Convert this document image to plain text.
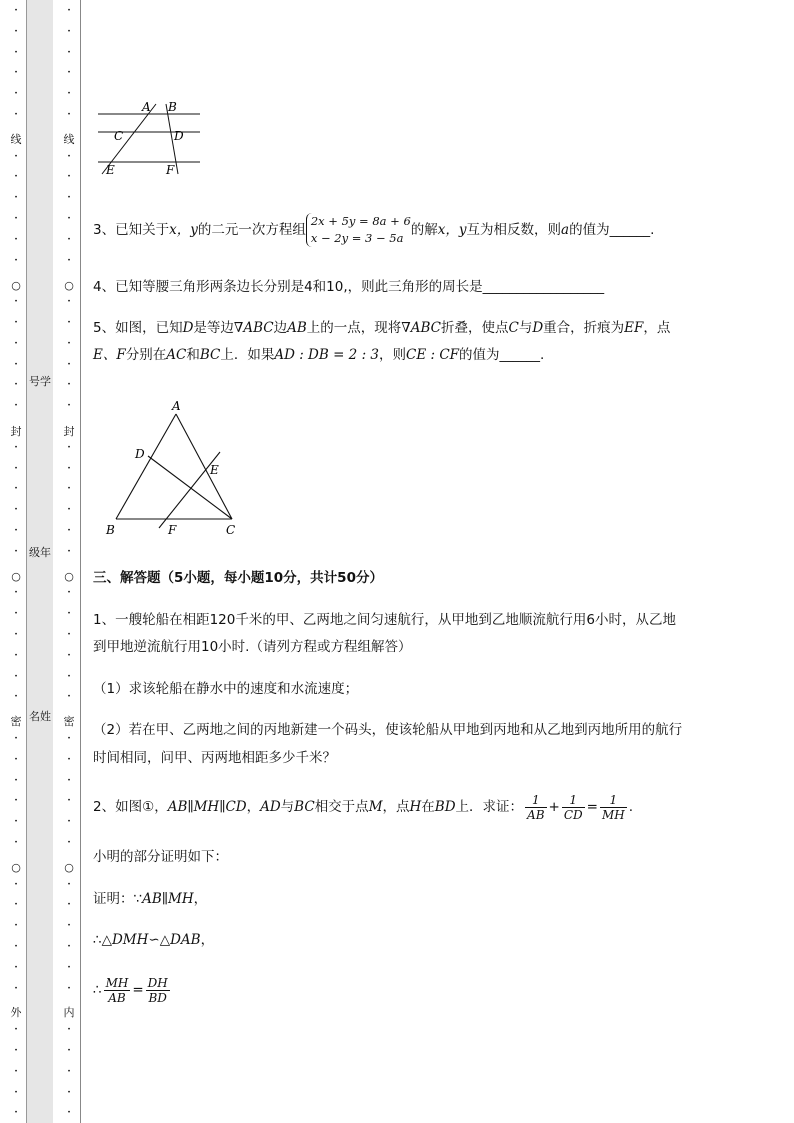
号学
级年
名姓
•
•
•
•
•
•
•
•
•
•
•
•
•
•
•
•
•
•
•
•
•
•
•
•
•
•
•
•
•
•
•
•
•
•
•
•
•
•
•
•
•
•
•
•
•
•
•
线
○
封
○
密
○
外
•
•
•
•
•
•
•
•
•
•
•
•
•
•
•
•
•
•
•
•
•
•
•
•
•
•
•
•
•
•
•
•
•
•
•
•
•
•
•
•
•
•
•
•
•
•
•
线
○
封
○
密
○
内
A B
C	D
E	F
3、已知关于x，y的二元一次方程组
2x + 5y = 8a + 6
x − 2y = 3 − 5a 的解x，y互为相反数，则a的值为______.
4、已知等腰三角形两条边长分别是4和10,，则此三角形的周长是__________________
5、如图，已知D是等边∇ABC边AB上的一点，现将∇ABC折叠，使点C与D重合，折痕为EF，点
E、F分别在AC和BC上．如果AD : DB = 2 : 3，则CE : CF的值为______.
A
D
E
B	F	C
三、解答题（5小题，每小题10分，共计50分）
1、一艘轮船在相距120千米的甲、乙两地之间匀速航行，从甲地到乙地顺流航行用6小时，从乙地
到甲地逆流航行用10小时.（请列方程或方程组解答）
（1）求该轮船在静水中的速度和水流速度；
（2）若在甲、乙两地之间的丙地新建一个码头，使该轮船从甲地到丙地和从乙地到丙地所用的航行
时间相同，问甲、丙两地相距多少千米？
2、如图①，AB∥MH∥CD，AD与BC相交于点M，点H在BD上．求证： $\frac{1}{AB} + \frac{1}{CD} = \frac{1}{MH}$ .
小明的部分证明如下：
证明：∵AB∥MH，
∴△DMH∽△DAB，
∴ $\frac{MH}{AB} = \frac{DH}{BD}$
